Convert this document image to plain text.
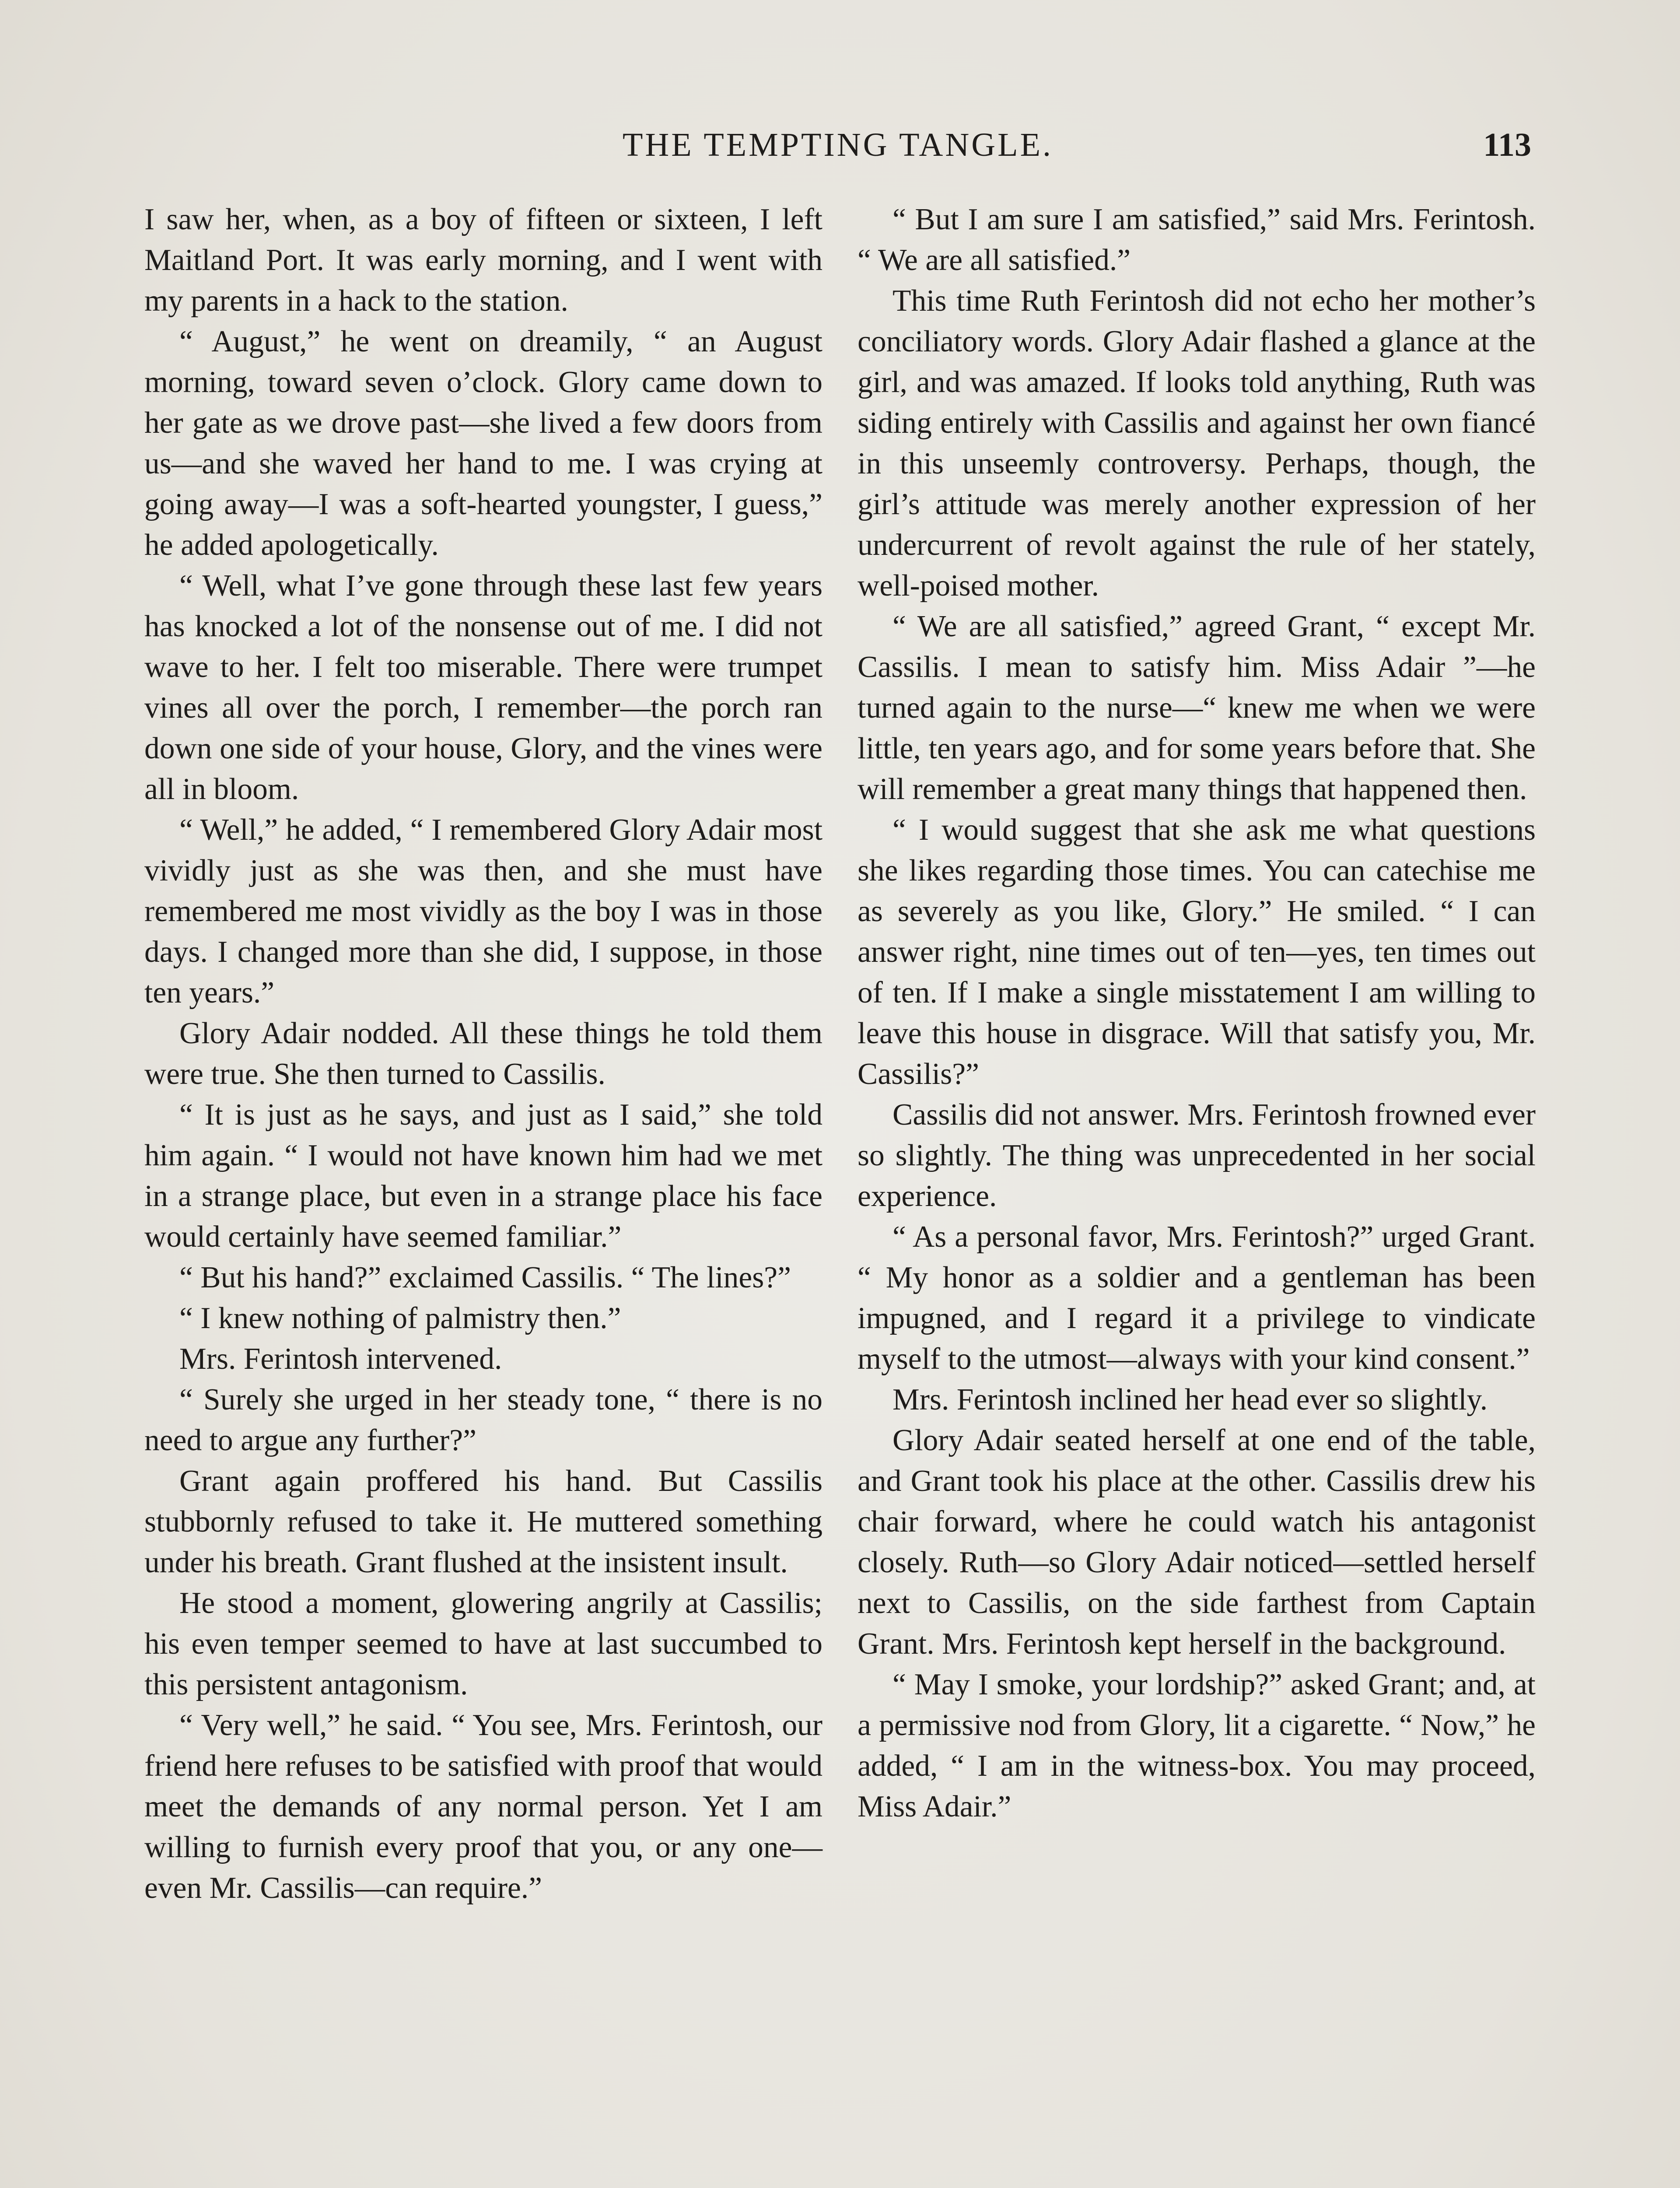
THE TEMPTING TANGLE.	113

I saw her, when, as a boy of fifteen or sixteen, I left Maitland Port. It was early morning, and I went with my parents in a hack to the station.

“ August,” he went on dreamily, “ an August morning, toward seven o’clock. Glory came down to her gate as we drove past—she lived a few doors from us—and she waved her hand to me. I was crying at going away—I was a soft-hearted youngster, I guess,” he added apologetically.

“ Well, what I’ve gone through these last few years has knocked a lot of the nonsense out of me. I did not wave to her. I felt too miserable. There were trumpet vines all over the porch, I remember—the porch ran down one side of your house, Glory, and the vines were all in bloom.

“ Well,” he added, “ I remembered Glory Adair most vividly just as she was then, and she must have remembered me most vividly as the boy I was in those days. I changed more than she did, I suppose, in those ten years.”

Glory Adair nodded. All these things he told them were true. She then turned to Cassilis.

“ It is just as he says, and just as I said,” she told him again. “ I would not have known him had we met in a strange place, but even in a strange place his face would certainly have seemed familiar.”

“ But his hand?” exclaimed Cassilis. “ The lines?”

“ I knew nothing of palmistry then.”

Mrs. Ferintosh intervened.

“ Surely she urged in her steady tone, “ there is no need to argue any further?”

Grant again proffered his hand. But Cassilis stubbornly refused to take it. He muttered something under his breath. Grant flushed at the insistent insult.

He stood a moment, glowering angrily at Cassilis; his even temper seemed to have at last succumbed to this persistent antagonism.

“ Very well,” he said. “ You see, Mrs. Ferintosh, our friend here refuses to be satisfied with proof that would meet the demands of any normal person. Yet I am willing to furnish every proof that you, or any one—even Mr. Cassilis—can require.”

“ But I am sure I am satisfied,” said Mrs. Ferintosh. “ We are all satisfied.”

This time Ruth Ferintosh did not echo her mother’s conciliatory words. Glory Adair flashed a glance at the girl, and was amazed. If looks told anything, Ruth was siding entirely with Cassilis and against her own fiancé in this unseemly controversy. Perhaps, though, the girl’s attitude was merely another expression of her undercurrent of revolt against the rule of her stately, well-poised mother.

“ We are all satisfied,” agreed Grant, “ except Mr. Cassilis. I mean to satisfy him. Miss Adair ”—he turned again to the nurse—“ knew me when we were little, ten years ago, and for some years before that. She will remember a great many things that happened then.

“ I would suggest that she ask me what questions she likes regarding those times. You can catechise me as severely as you like, Glory.” He smiled. “ I can answer right, nine times out of ten—yes, ten times out of ten. If I make a single misstatement I am willing to leave this house in disgrace. Will that satisfy you, Mr. Cassilis?”

Cassilis did not answer. Mrs. Ferintosh frowned ever so slightly. The thing was unprecedented in her social experience.

“ As a personal favor, Mrs. Ferintosh?” urged Grant. “ My honor as a soldier and a gentleman has been impugned, and I regard it a privilege to vindicate myself to the utmost—always with your kind consent.”

Mrs. Ferintosh inclined her head ever so slightly.

Glory Adair seated herself at one end of the table, and Grant took his place at the other. Cassilis drew his chair forward, where he could watch his antagonist closely. Ruth—so Glory Adair noticed—settled herself next to Cassilis, on the side farthest from Captain Grant. Mrs. Ferintosh kept herself in the background.

“ May I smoke, your lordship?” asked Grant; and, at a permissive nod from Glory, lit a cigarette. “ Now,” he added, “ I am in the witness-box. You may proceed, Miss Adair.”
